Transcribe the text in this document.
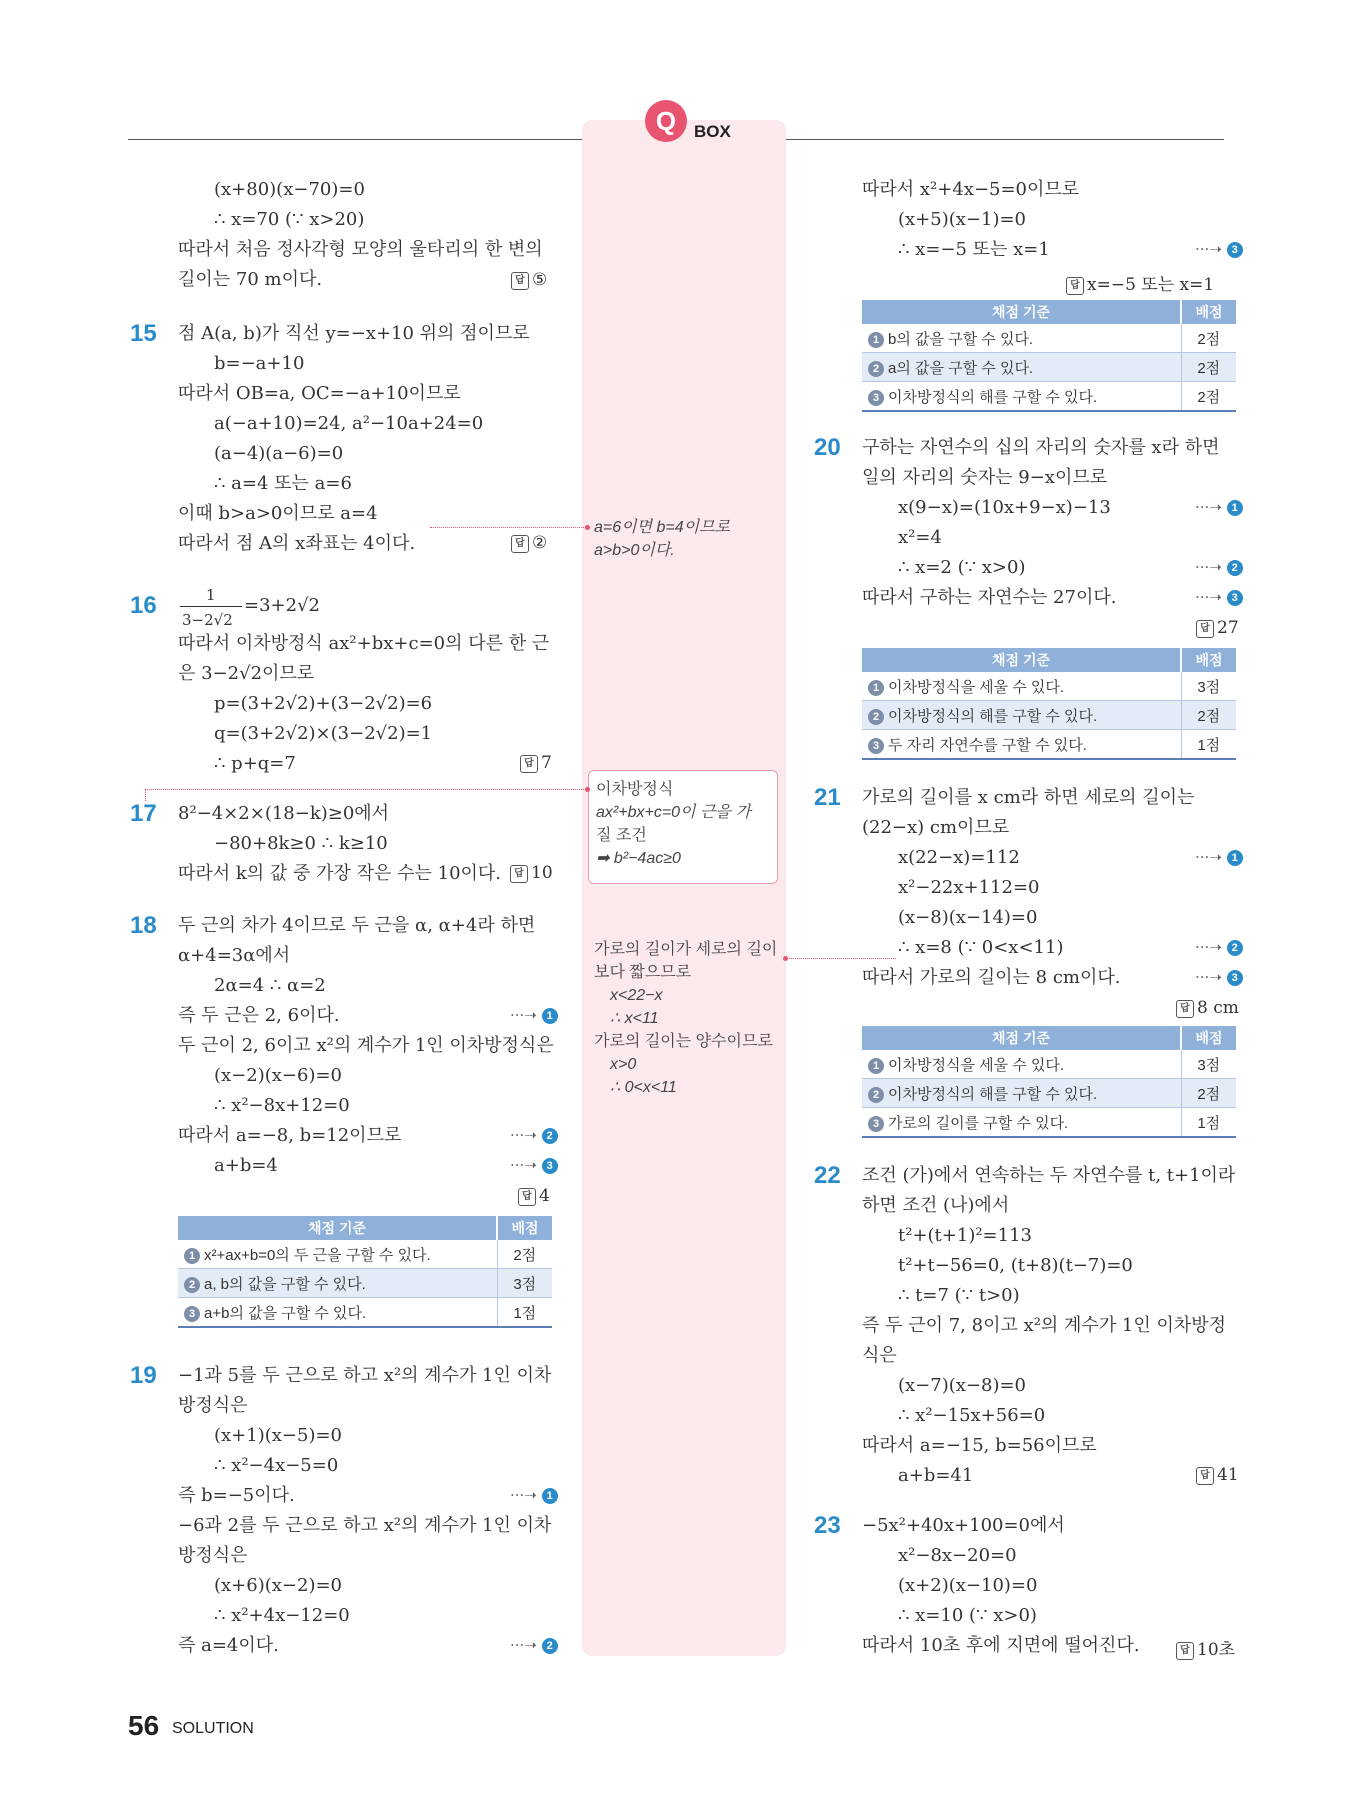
Q	BOX
(x+80)(x−70)=0
∴ x=70 (∵ x>20)
따라서 처음 정사각형 모양의 울타리의 한 변의
길이는 70 m이다.	답 ⑤
15 점 A(a, b)가 직선 y=−x+10 위의 점이므로
b=−a+10
따라서 OB=a, OC=−a+10이므로
a(−a+10)=24, a²−10a+24=0
(a−4)(a−6)=0
∴ a=4 또는 a=6
이때 b>a>0이므로 a=4
따라서 점 A의 x좌표는 4이다.	답 ②
16	1
3−2√2
=3+2√2
따라서 이차방정식 ax²+bx+c=0의 다른 한 근
은 3−2√2이므로
p=(3+2√2)+(3−2√2)=6
q=(3+2√2)×(3−2√2)=1
∴ p+q=7	답 7
17 8²−4×2×(18−k)≥0에서
−80+8k≥0 ∴ k≥10
따라서 k의 값 중 가장 작은 수는 10이다.	답 10
18 두 근의 차가 4이므로 두 근을 α, α+4라 하면
α+4=3α에서
2α=4 ∴ α=2
즉 두 근은 2, 6이다.	···➝ 1
두 근이 2, 6이고 x²의 계수가 1인 이차방정식은
(x−2)(x−6)=0
∴ x²−8x+12=0
따라서 a=−8, b=12이므로	···➝ 2
a+b=4	···➝ 3
답 4
채점 기준	배점
1 x²+ax+b=0의 두 근을 구할 수 있다.	2점
2 a, b의 값을 구할 수 있다.	3점
3 a+b의 값을 구할 수 있다.	1점
19 −1과 5를 두 근으로 하고 x²의 계수가 1인 이차
방정식은
(x+1)(x−5)=0
∴ x²−4x−5=0
즉 b=−5이다.	···➝ 1
−6과 2를 두 근으로 하고 x²의 계수가 1인 이차
방정식은
(x+6)(x−2)=0
∴ x²+4x−12=0
즉 a=4이다.	···➝ 2
a=6이면 b=4이므로
a>b>0이다.
이차방정식
ax²+bx+c=0이 근을 가
질 조건
➡ b²−4ac≥0
가로의 길이가 세로의 길이
보다 짧으므로
x<22−x
∴ x<11
가로의 길이는 양수이므로
x>0
∴ 0<x<11
따라서 x²+4x−5=0이므로
(x+5)(x−1)=0
∴ x=−5 또는 x=1	···➝ 3
답 x=−5 또는 x=1
채점 기준	배점
1 b의 값을 구할 수 있다.	2점
2 a의 값을 구할 수 있다.	2점
3 이차방정식의 해를 구할 수 있다.	2점
20 구하는 자연수의 십의 자리의 숫자를 x라 하면
일의 자리의 숫자는 9−x이므로
x(9−x)=(10x+9−x)−13	···➝ 1
x²=4
∴ x=2 (∵ x>0)	···➝ 2
따라서 구하는 자연수는 27이다.	···➝ 3
답 27
채점 기준	배점
1 이차방정식을 세울 수 있다.	3점
2 이차방정식의 해를 구할 수 있다.	2점
3 두 자리 자연수를 구할 수 있다.	1점
21 가로의 길이를 x cm라 하면 세로의 길이는
(22−x) cm이므로
x(22−x)=112	···➝ 1
x²−22x+112=0
(x−8)(x−14)=0
∴ x=8 (∵ 0<x<11)	···➝ 2
따라서 가로의 길이는 8 cm이다.	···➝ 3
답 8 cm
채점 기준	배점
1 이차방정식을 세울 수 있다.	3점
2 이차방정식의 해를 구할 수 있다.	2점
3 가로의 길이를 구할 수 있다.	1점
22 조건 (가)에서 연속하는 두 자연수를 t, t+1이라
하면 조건 (나)에서
t²+(t+1)²=113
t²+t−56=0, (t+8)(t−7)=0
∴ t=7 (∵ t>0)
즉 두 근이 7, 8이고 x²의 계수가 1인 이차방정
식은
(x−7)(x−8)=0
∴ x²−15x+56=0
따라서 a=−15, b=56이므로
a+b=41	답 41
23 −5x²+40x+100=0에서
x²−8x−20=0
(x+2)(x−10)=0
∴ x=10 (∵ x>0)
따라서 10초 후에 지면에 떨어진다.	답 10초
56 SOLUTION
